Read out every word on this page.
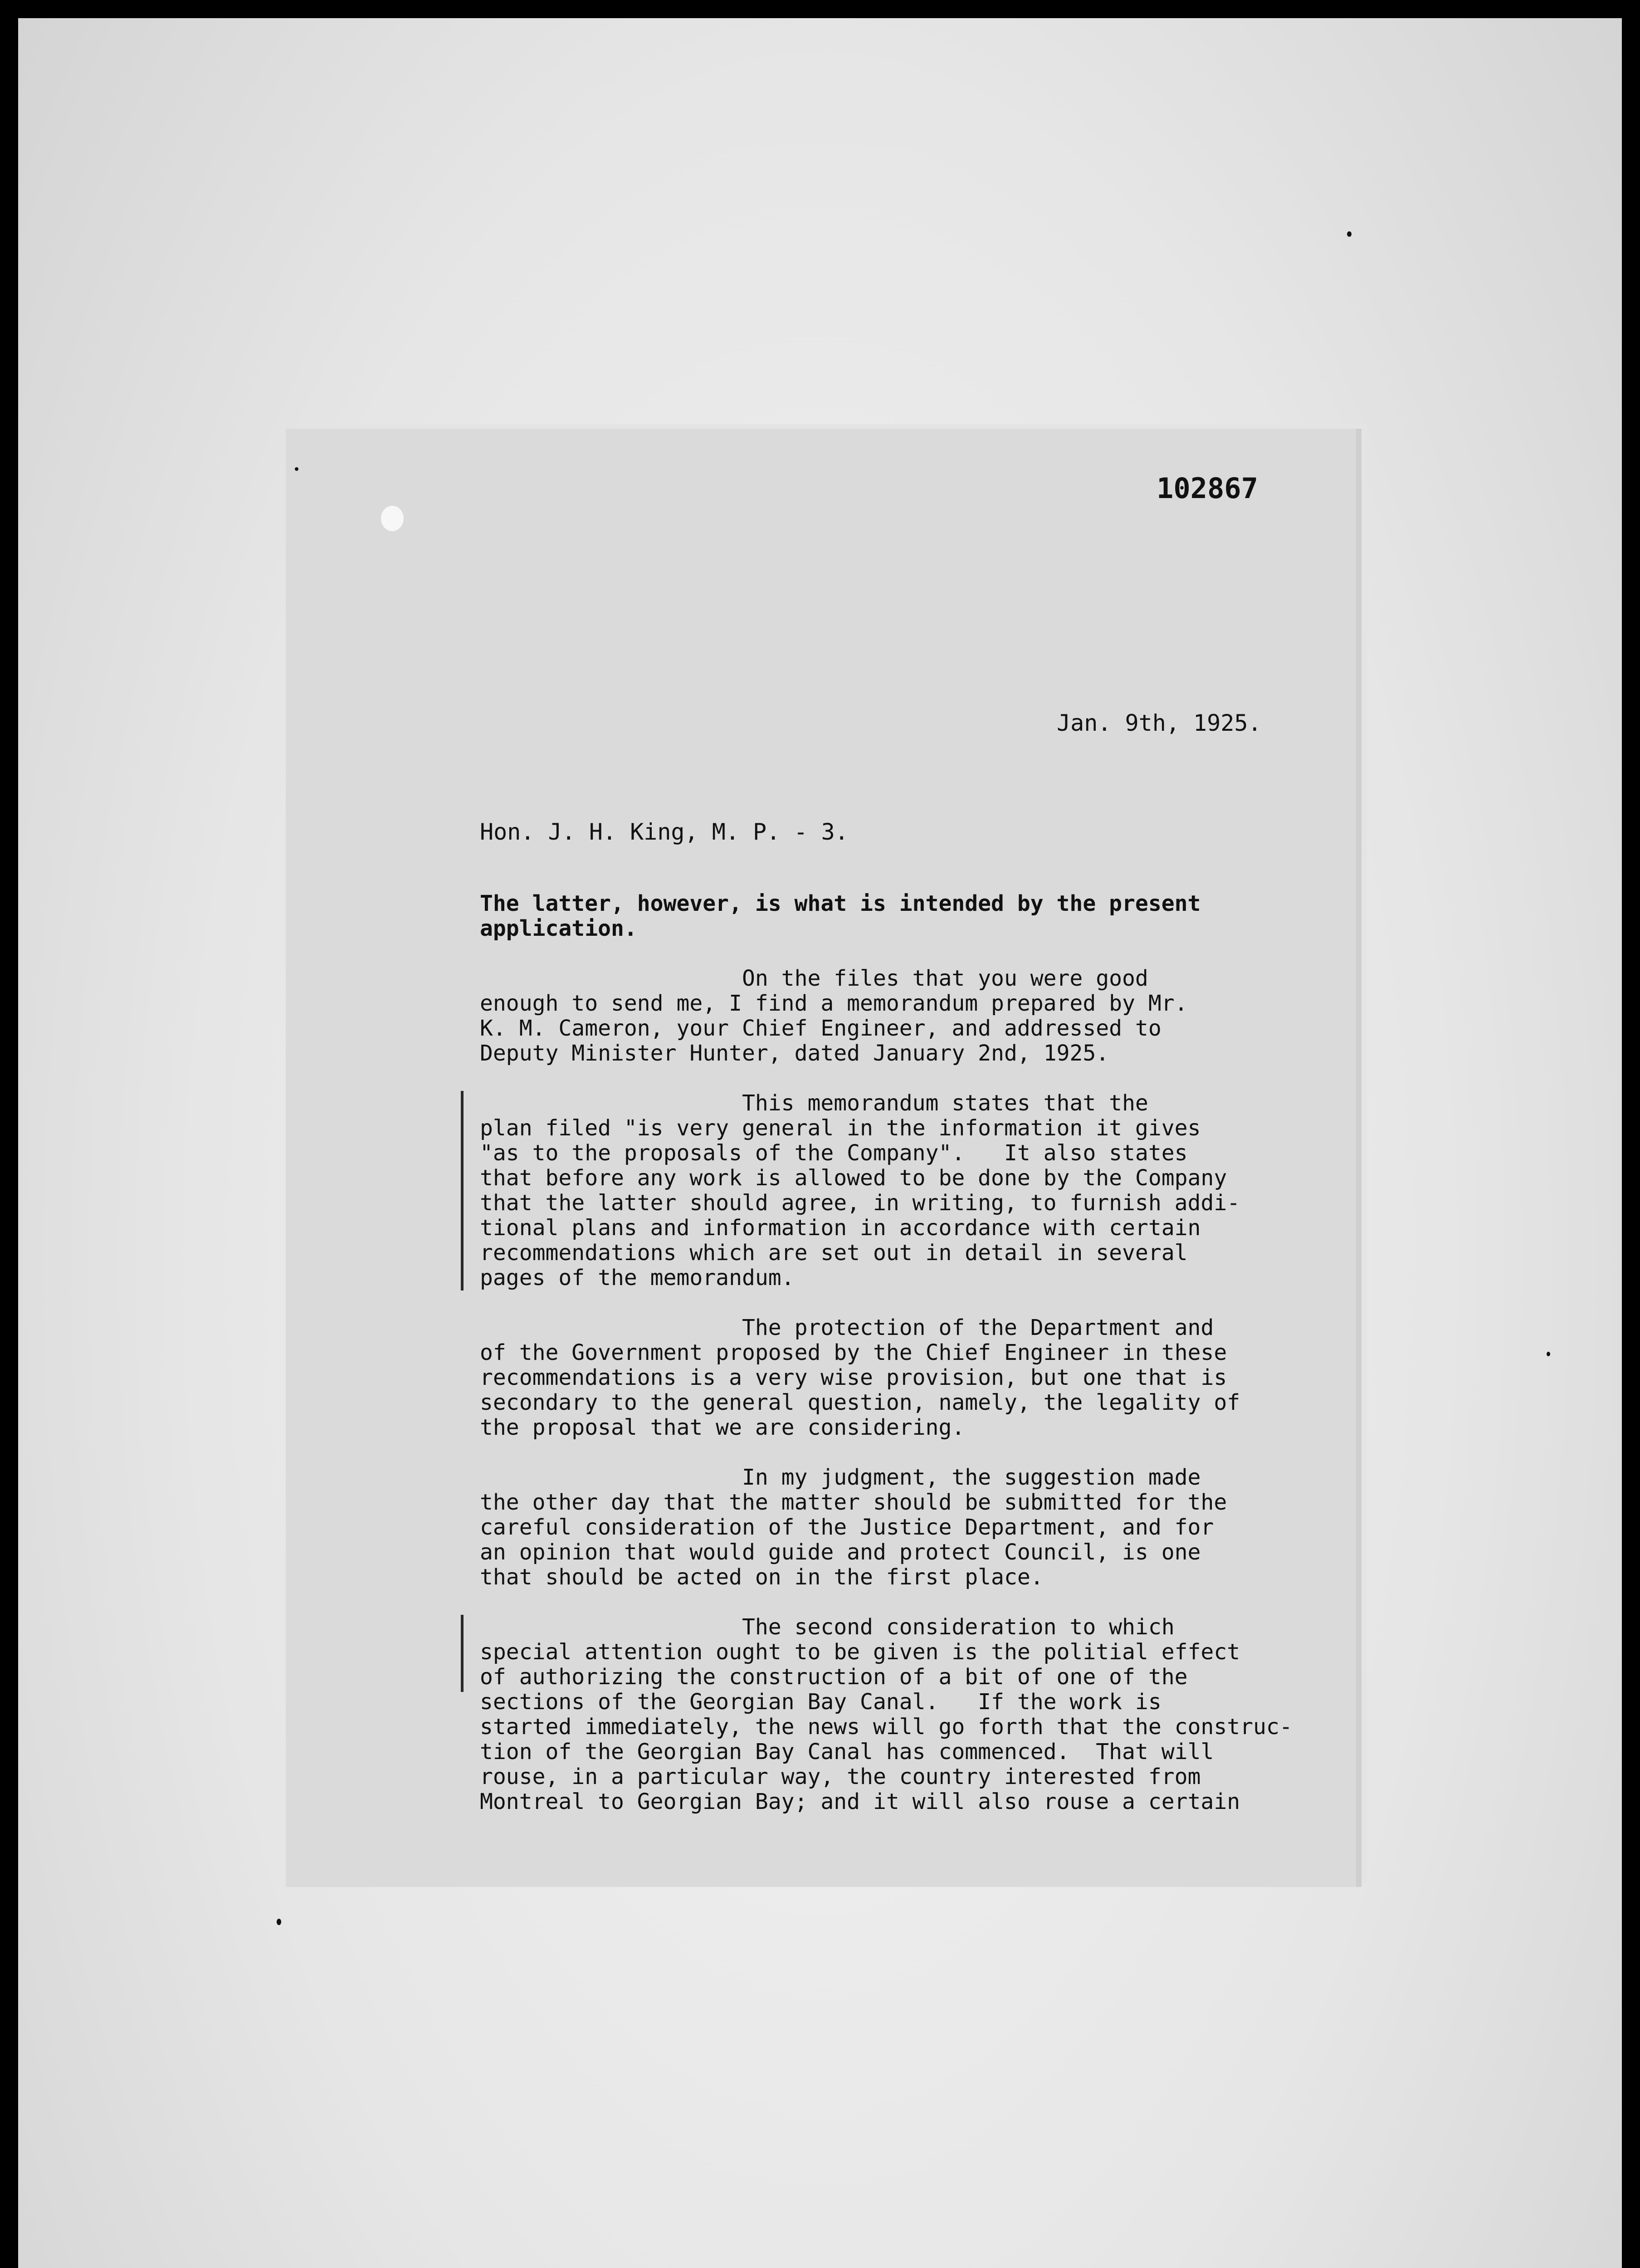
102867
Jan. 9th, 1925.
Hon. J. H. King, M. P. - 3.
The latter, however, is what is intended by the present
application.
On the files that you were good
enough to send me, I find a memorandum prepared by Mr.
K. M. Cameron, your Chief Engineer, and addressed to
Deputy Minister Hunter, dated January 2nd, 1925.
This memorandum states that the
plan filed "is very general in the information it gives
"as to the proposals of the Company".   It also states
that before any work is allowed to be done by the Company
that the latter should agree, in writing, to furnish addi-
tional plans and information in accordance with certain
recommendations which are set out in detail in several
pages of the memorandum.
The protection of the Department and
of the Government proposed by the Chief Engineer in these
recommendations is a very wise provision, but one that is
secondary to the general question, namely, the legality of
the proposal that we are considering.
In my judgment, the suggestion made
the other day that the matter should be submitted for the
careful consideration of the Justice Department, and for
an opinion that would guide and protect Council, is one
that should be acted on in the first place.
The second consideration to which
special attention ought to be given is the politial effect
of authorizing the construction of a bit of one of the
sections of the Georgian Bay Canal.   If the work is
started immediately, the news will go forth that the construc-
tion of the Georgian Bay Canal has commenced.  That will
rouse, in a particular way, the country interested from
Montreal to Georgian Bay; and it will also rouse a certain
